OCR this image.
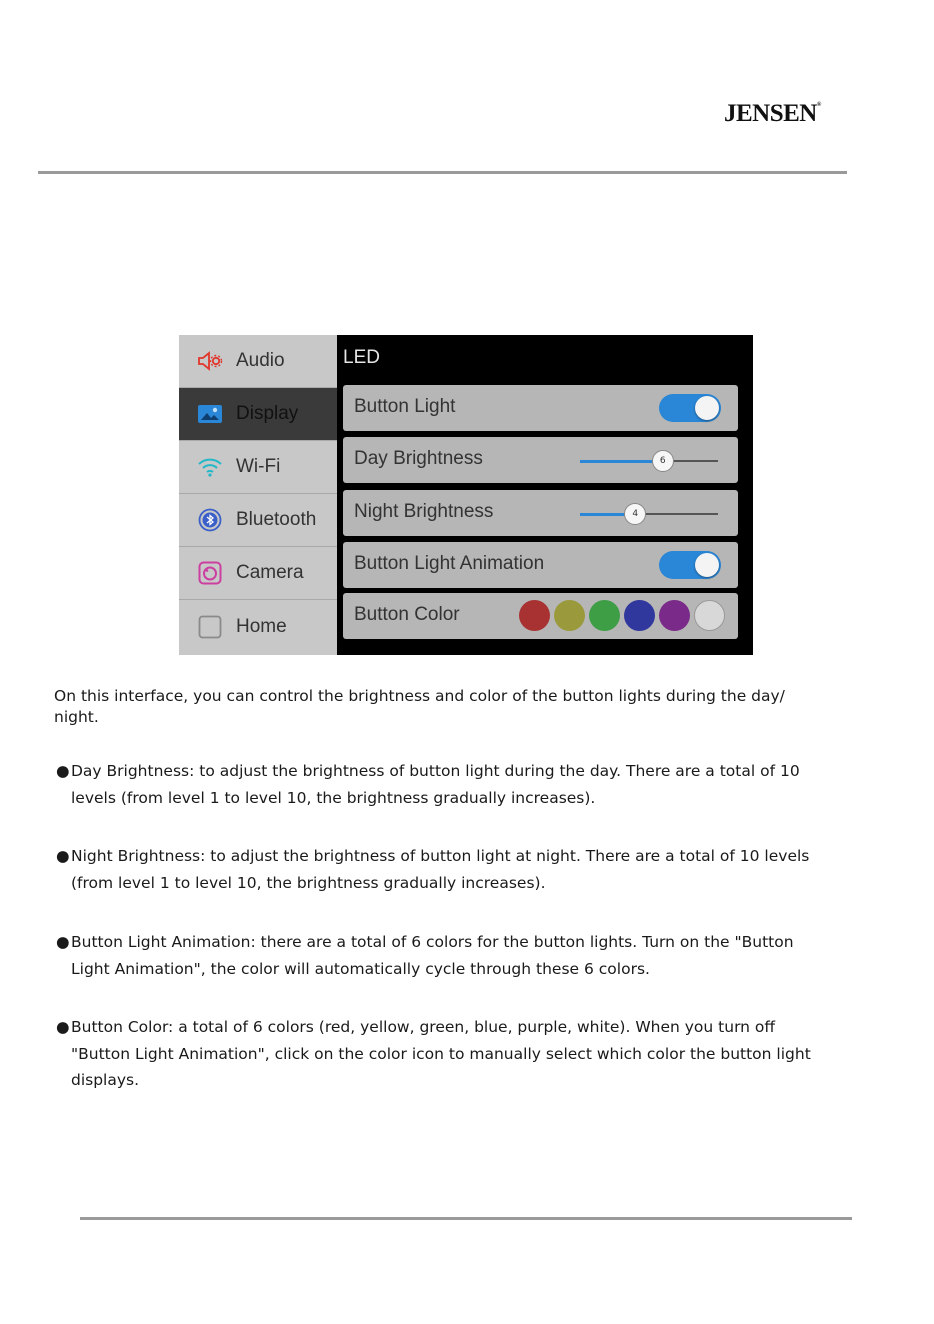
JENSEN®
Audio
Display
Wi-Fi
Bluetooth
Camera
Home
LED
Button Light
Day Brightness	6
Night Brightness	4
Button Light Animation
Button Color
On this interface, you can control the brightness and color of the button lights during the day/ night.
● Day Brightness: to adjust the brightness of button light during the day. There are a total of 10 levels (from level 1 to level 10, the brightness gradually increases).
● Night Brightness: to adjust the brightness of button light at night. There are a total of 10 levels (from level 1 to level 10, the brightness gradually increases).
● Button Light Animation: there are a total of 6 colors for the button lights. Turn on the "Button Light Animation", the color will automatically cycle through these 6 colors.
● Button Color: a total of 6 colors (red, yellow, green, blue, purple, white). When you turn off "Button Light Animation", click on the color icon to manually select which color the button light displays.
